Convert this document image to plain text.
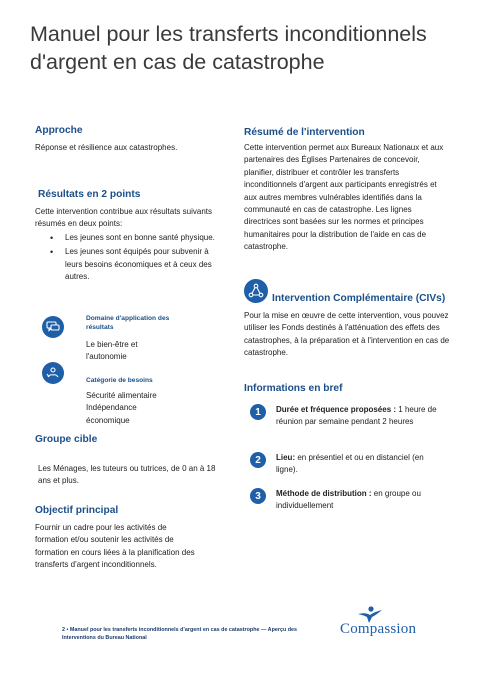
Manuel pour les transferts inconditionnels d'argent en cas de catastrophe
Approche
Réponse et résilience aux catastrophes.
Résultats en 2 points
Cette intervention contribue aux résultats suivants résumés en deux points:
• Les jeunes sont en bonne santé physique.
• Les jeunes sont équipés pour subvenir à leurs besoins économiques et à ceux des autres.
Domaine d'application des résultats
Le bien-être et l'autonomie
Catégorie de besoins
Sécurité alimentaire
Indépendance
économique
Groupe cible
Les Ménages, les tuteurs ou tutrices, de 0 an à 18 ans et plus.
Objectif principal
Fournir un cadre pour les activités de formation et/ou soutenir les activités de formation en cours liées à la planification des transferts d’argent inconditionnels.
Résumé de l'intervention
Cette intervention permet aux Bureaux Nationaux et aux partenaires des Églises Partenaires de concevoir, planifier, distribuer et contrôler les transferts inconditionnels d'argent aux participants enregistrés et aux autres membres vulnérables identifiés dans la communauté en cas de catastrophe. Les lignes directrices sont basées sur les normes et principes humanitaires pour la distribution de l'aide en cas de catastrophe.
Intervention Complémentaire (CIVs)
Pour la mise en œuvre de cette intervention, vous pouvez utiliser les Fonds destinés à l'atténuation des effets des catastrophes, à la préparation et à l'intervention en cas de catastrophe.
Informations en bref
1	Durée et fréquence proposées : 1 heure de réunion par semaine pendant 2 heures
2	Lieu: en présentiel et ou en distanciel (en ligne).
3	Méthode de distribution : en groupe ou individuellement
2 • Manuel pour les transferts inconditionnels d’argent en cas de catastrophe — Aperçu des Interventions du Bureau National
Compassion
